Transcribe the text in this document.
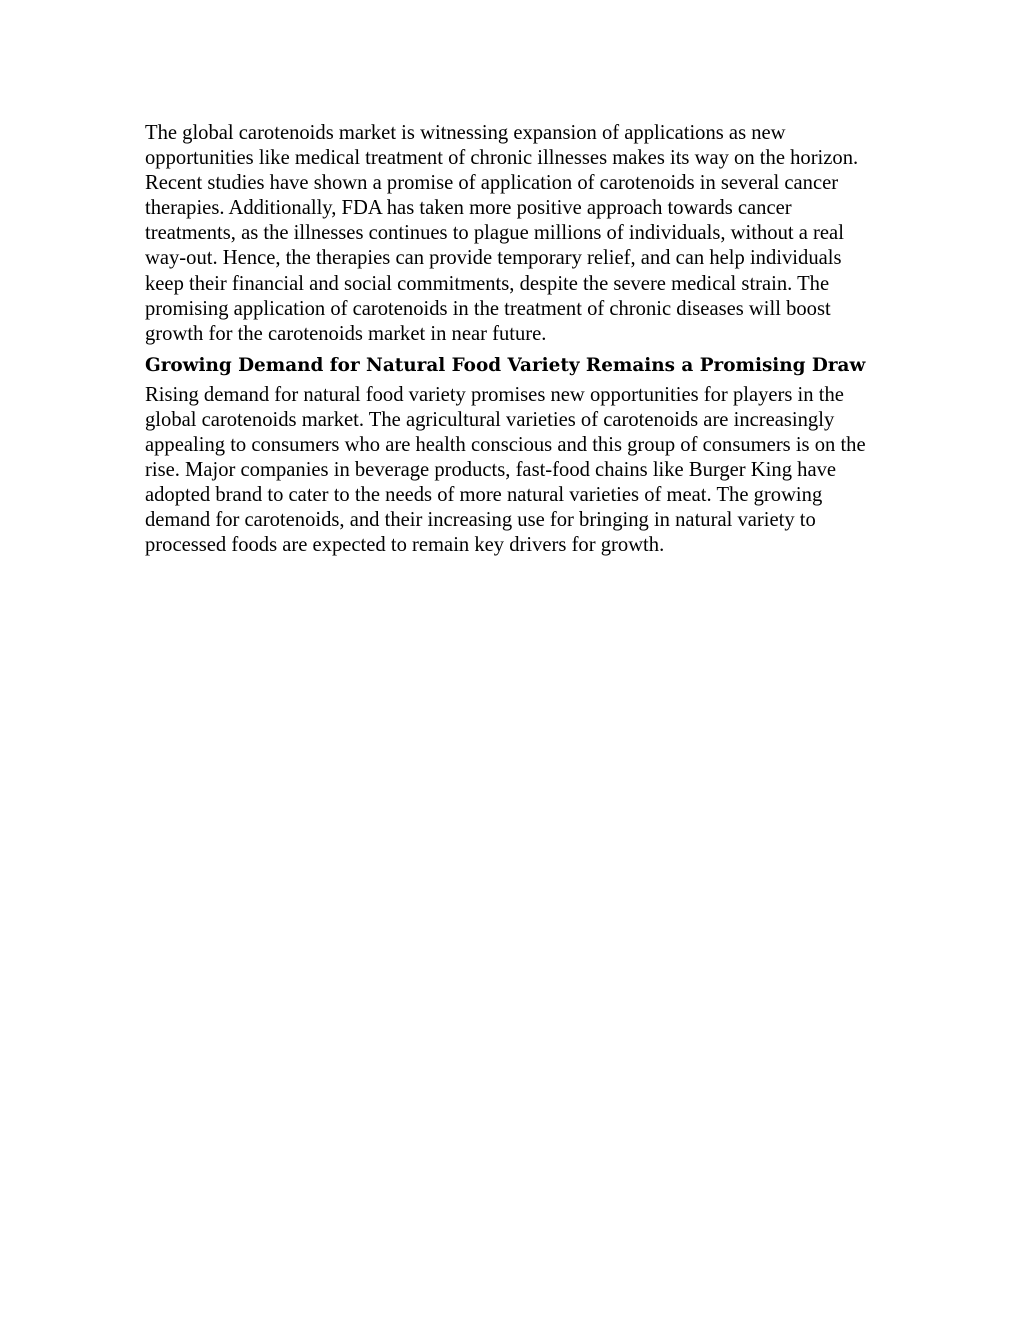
The global carotenoids market is witnessing expansion of applications as new opportunities like medical treatment of chronic illnesses makes its way on the horizon. Recent studies have shown a promise of application of carotenoids in several cancer therapies. Additionally, FDA has taken more positive approach towards cancer treatments, as the illnesses continues to plague millions of individuals, without a real way-out. Hence, the therapies can provide temporary relief, and can help individuals keep their financial and social commitments, despite the severe medical strain. The promising application of carotenoids in the treatment of chronic diseases will boost growth for the carotenoids market in near future.

Growing Demand for Natural Food Variety Remains a Promising Draw

Rising demand for natural food variety promises new opportunities for players in the global carotenoids market. The agricultural varieties of carotenoids are increasingly appealing to consumers who are health conscious and this group of consumers is on the rise. Major companies in beverage products, fast-food chains like Burger King have adopted brand to cater to the needs of more natural varieties of meat. The growing demand for carotenoids, and their increasing use for bringing in natural variety to processed foods are expected to remain key drivers for growth.
